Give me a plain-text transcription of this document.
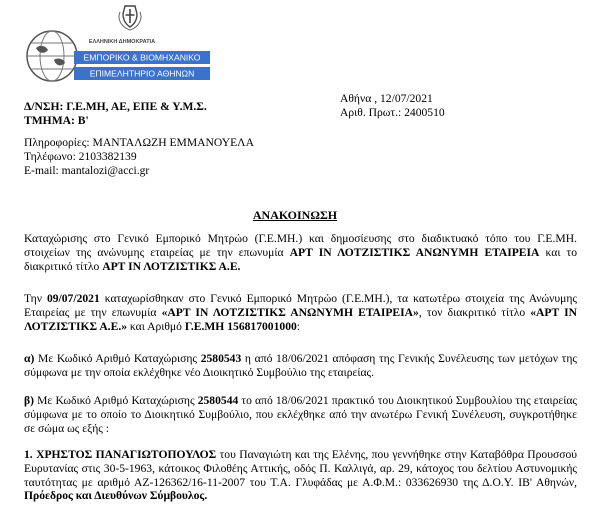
ΕΛΛΗΝΙΚΗ ΔΗΜΟΚΡΑΤΙΑ
ΕΜΠΟΡΙΚΟ & ΒΙΟΜΗΧΑΝΙΚΟ
ΕΠΙΜΕΛΗΤΗΡΙΟ ΑΘΗΝΩΝ
Δ/ΝΣΗ: Γ.Ε.ΜΗ, ΑΕ, ΕΠΕ & Υ.Μ.Σ.
ΤΜΗΜΑ: Β'
Αθήνα , 12/07/2021
Αριθ. Πρωτ.: 2400510
Πληροφορίες: ΜΑΝΤΑΛΩΖΗ ΕΜΜΑΝΟΥΕΛΑ
Τηλέφωνο: 2103382139
E-mail: mantalozi@acci.gr
ΑΝΑΚΟΙΝΩΣΗ
Καταχώρισης στο Γενικό Εμπορικό Μητρώο (Γ.Ε.ΜΗ.) και δημοσίευσης στο διαδικτυακό τόπο του Γ.Ε.ΜΗ. στοιχείων της ανώνυμης εταιρείας με την επωνυμία ΑΡΤ ΙΝ ΛΟΤΖΙΣΤΙΚΣ ΑΝΩΝΥΜΗ ΕΤΑΙΡΕΙΑ και το διακριτικό τίτλο ΑΡΤ ΙΝ ΛΟΤΖΙΣΤΙΚΣ Α.Ε.
Την 09/07/2021 καταχωρίσθηκαν στο Γενικό Εμπορικό Μητρώο (Γ.Ε.ΜΗ.), τα κατωτέρω στοιχεία της Ανώνυμης Εταιρείας με την επωνυμία «ΑΡΤ ΙΝ ΛΟΤΖΙΣΤΙΚΣ ΑΝΩΝΥΜΗ ΕΤΑΙΡΕΙΑ», τον διακριτικό τίτλο «ΑΡΤ ΙΝ ΛΟΤΖΙΣΤΙΚΣ Α.Ε.» και Αριθμό Γ.Ε.ΜΗ 156817001000:
α) Με Κωδικό Αριθμό Καταχώρισης 2580543 η από 18/06/2021 απόφαση της Γενικής Συνέλευσης των μετόχων της σύμφωνα με την οποία εκλέχθηκε νέο Διοικητικό Συμβούλιο της εταιρείας.
β) Με Κωδικό Αριθμό Καταχώρισης 2580544 το από 18/06/2021 πρακτικό του Διοικητικού Συμβουλίου της εταιρείας σύμφωνα με το οποίο το Διοικητικό Συμβούλιο, που εκλέχθηκε από την ανωτέρω Γενική Συνέλευση, συγκροτήθηκε σε σώμα ως εξής :
1. ΧΡΗΣΤΟΣ ΠΑΝΑΓΙΩΤΟΠΟΥΛΟΣ του Παναγιώτη και της Ελένης, που γεννήθηκε στην Καταβόθρα Προυσσού Ευρυτανίας στις 30-5-1963, κάτοικος Φιλοθέης Αττικής, οδός Π. Καλλιγά, αρ. 29, κάτοχος του δελτίου Αστυνομικής ταυτότητας με αριθμό ΑΖ-126362/16-11-2007 του Τ.Α. Γλυφάδας με Α.Φ.Μ.: 033626930 της Δ.Ο.Υ. ΙΒ' Αθηνών, Πρόεδρος και Διευθύνων Σύμβουλος.
